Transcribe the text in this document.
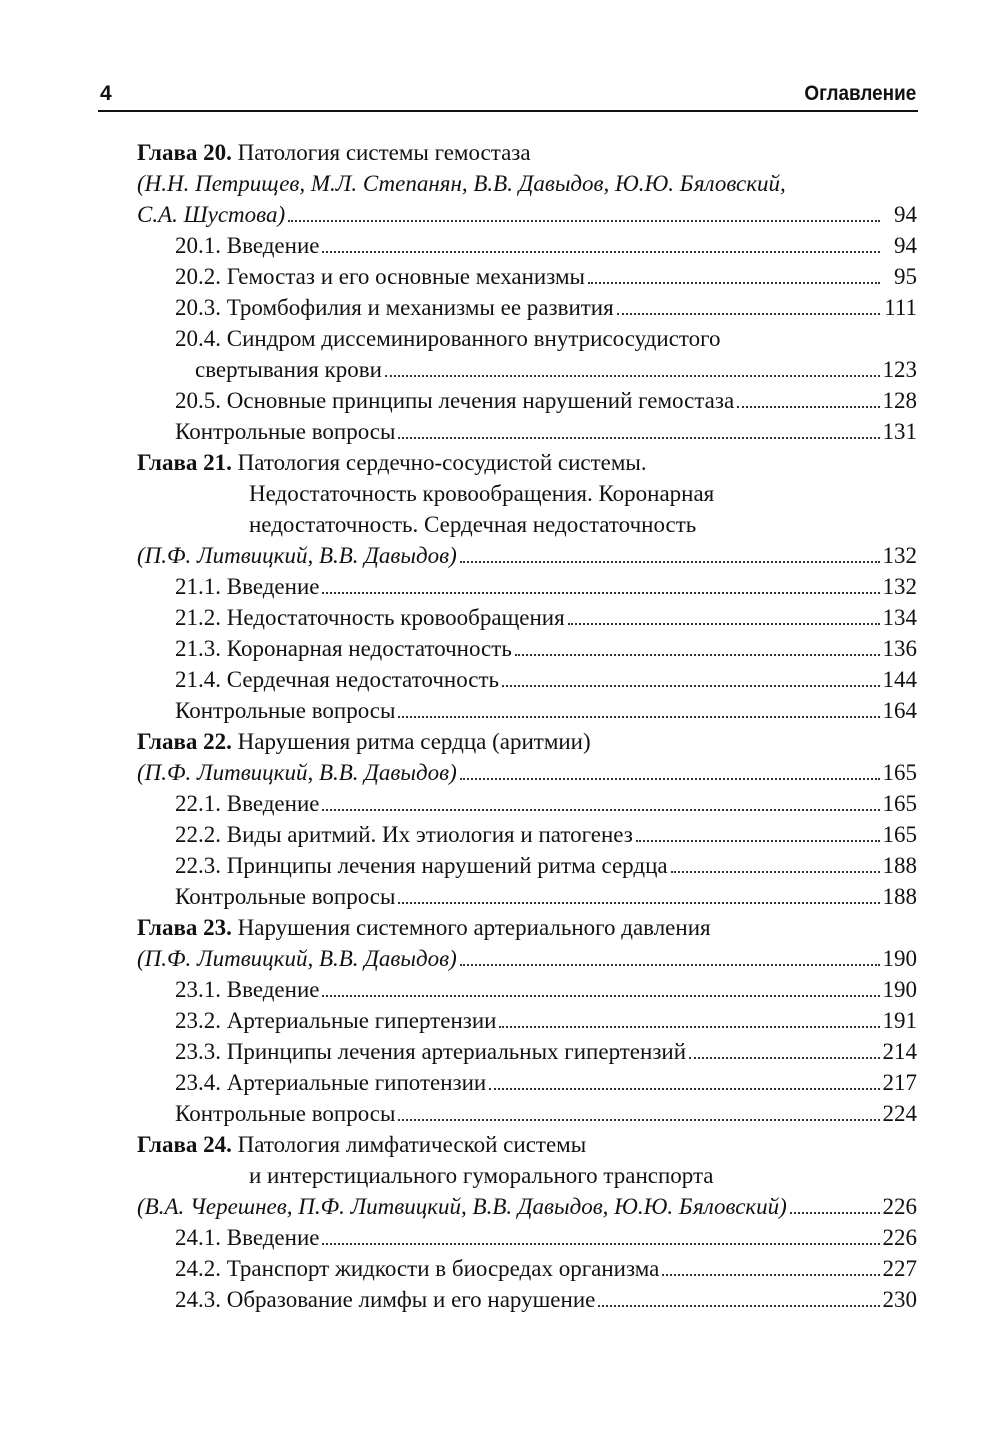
4	Оглавление
Глава 20. Патология системы гемостаза
(Н.Н. Петрищев, М.Л. Степанян, В.В. Давыдов, Ю.Ю. Бяловский,
С.А. Шустова)	94
20.1. Введение	94
20.2. Гемостаз и его основные механизмы	95
20.3. Тромбофилия и механизмы ее развития	111
20.4. Синдром диссеминированного внутрисосудистого
свертывания крови	123
20.5. Основные принципы лечения нарушений гемостаза	128
Контрольные вопросы	131
Глава 21. Патология сердечно-сосудистой системы.
Недостаточность кровообращения. Коронарная
недостаточность. Сердечная недостаточность
(П.Ф. Литвицкий, В.В. Давыдов)	132
21.1. Введение	132
21.2. Недостаточность кровообращения	134
21.3. Коронарная недостаточность	136
21.4. Сердечная недостаточность	144
Контрольные вопросы	164
Глава 22. Нарушения ритма сердца (аритмии)
(П.Ф. Литвицкий, В.В. Давыдов)	165
22.1. Введение	165
22.2. Виды аритмий. Их этиология и патогенез	165
22.3. Принципы лечения нарушений ритма сердца	188
Контрольные вопросы	188
Глава 23. Нарушения системного артериального давления
(П.Ф. Литвицкий, В.В. Давыдов)	190
23.1. Введение	190
23.2. Артериальные гипертензии	191
23.3. Принципы лечения артериальных гипертензий	214
23.4. Артериальные гипотензии	217
Контрольные вопросы	224
Глава 24. Патология лимфатической системы
и интерстициального гуморального транспорта
(В.А. Черешнев, П.Ф. Литвицкий, В.В. Давыдов, Ю.Ю. Бяловский)	226
24.1. Введение	226
24.2. Транспорт жидкости в биосредах организма	227
24.3. Образование лимфы и его нарушение	230
